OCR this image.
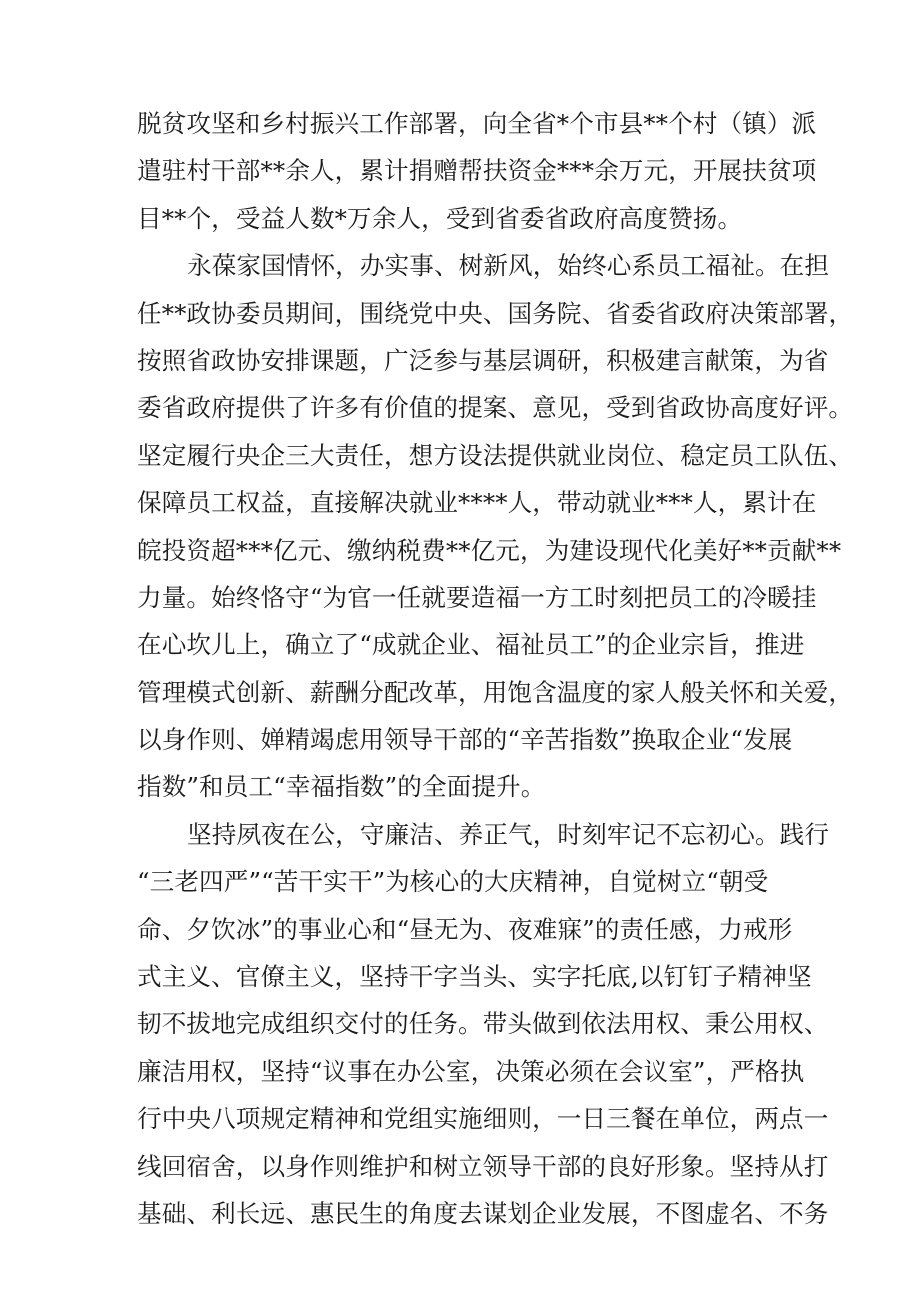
脱贫攻坚和乡村振兴工作部署，向全省*个市县**个村（镇）派
遣驻村干部**余人，累计捐赠帮扶资金***余万元，开展扶贫项
目**个，受益人数*万余人，受到省委省政府高度赞扬。
永葆家国情怀，办实事、树新风，始终心系员工福祉。在担
任**政协委员期间，围绕党中央、国务院、省委省政府决策部署，
按照省政协安排课题，广泛参与基层调研，积极建言献策，为省
委省政府提供了许多有价值的提案、意见，受到省政协高度好评。
坚定履行央企三大责任，想方设法提供就业岗位、稳定员工队伍、
保障员工权益，直接解决就业****人，带动就业***人，累计在
皖投资超***亿元、缴纳税费**亿元，为建设现代化美好**贡献**
力量。始终恪守“为官一任就要造福一方工时刻把员工的冷暖挂
在心坎儿上，确立了“成就企业、福祉员工”的企业宗旨，推进
管理模式创新、薪酬分配改革，用饱含温度的家人般关怀和关爱，
以身作则、婵精竭虑用领导干部的“辛苦指数”换取企业“发展
指数”和员工“幸福指数”的全面提升。
坚持夙夜在公，守廉洁、养正气，时刻牢记不忘初心。践行
“三老四严”“苦干实干”为核心的大庆精神，自觉树立“朝受
命、夕饮冰”的事业心和“昼无为、夜难寐”的责任感，力戒形
式主义、官僚主义，坚持干字当头、实字托底,以钉钉子精神坚
韧不拔地完成组织交付的任务。带头做到依法用权、秉公用权、
廉洁用权，坚持“议事在办公室，决策必须在会议室”，严格执
行中央八项规定精神和党组实施细则，一日三餐在单位，两点一
线回宿舍，以身作则维护和树立领导干部的良好形象。坚持从打
基础、利长远、惠民生的角度去谋划企业发展，不图虚名、不务
